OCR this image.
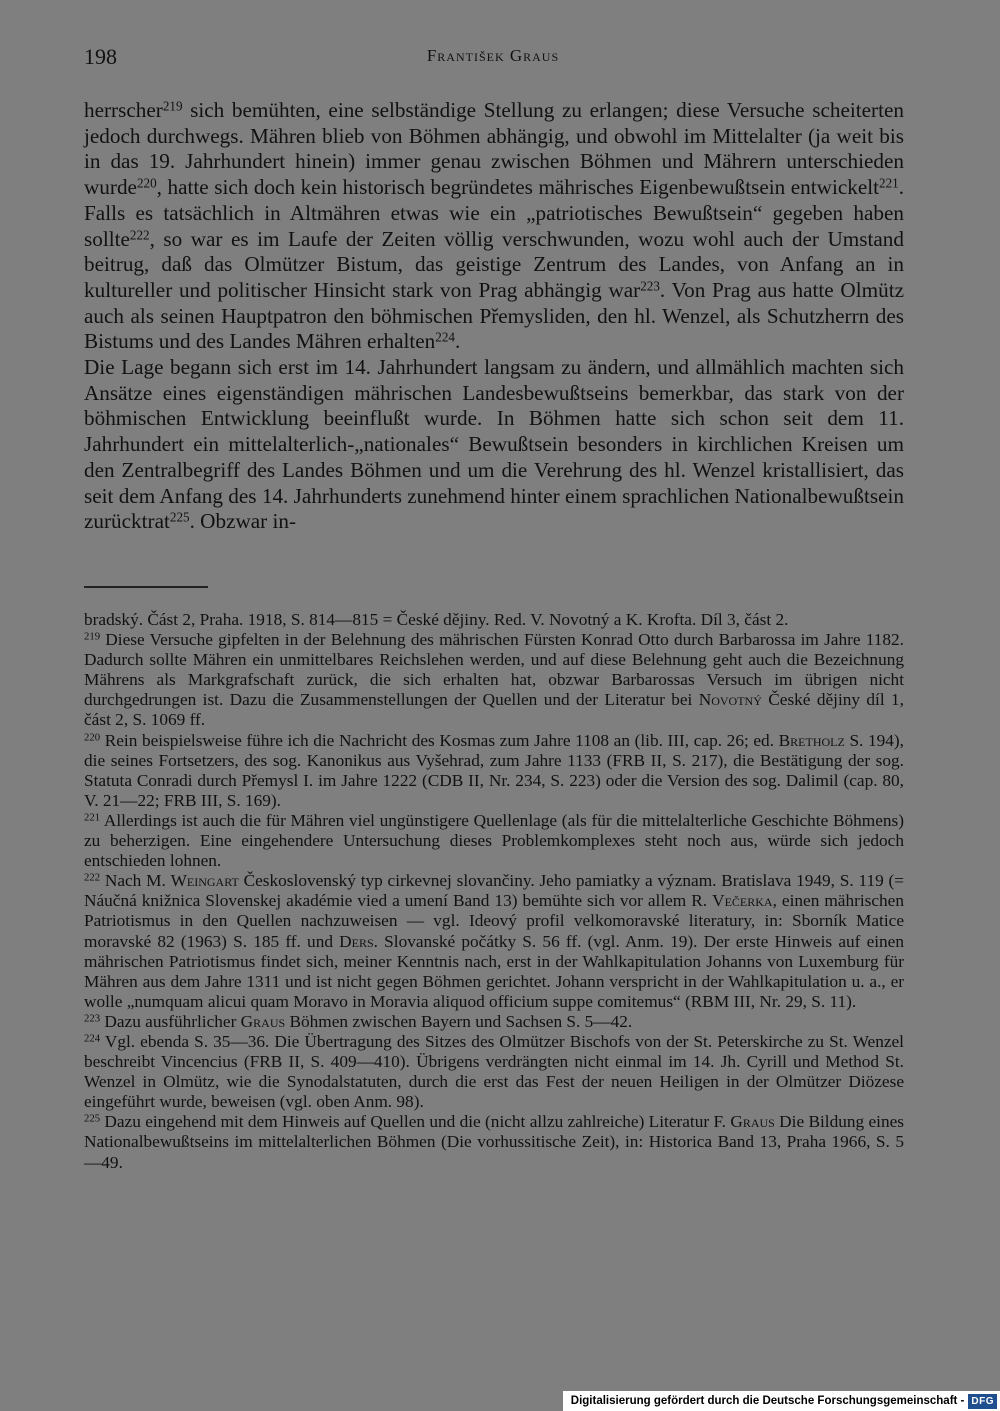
198	František Graus

herrscher$^{219}$ sich bemühten, eine selbständige Stellung zu erlangen; diese Versuche scheiterten jedoch durchwegs. Mähren blieb von Böhmen abhängig, und obwohl im Mittelalter (ja weit bis in das 19. Jahrhundert hinein) immer genau zwischen Böhmen und Mährern unterschieden wurde$^{220}$, hatte sich doch kein historisch begründetes mährisches Eigenbewußtsein entwickelt$^{221}$. Falls es tatsächlich in Altmähren etwas wie ein „patriotisches Bewußtsein“ gegeben haben sollte$^{222}$, so war es im Laufe der Zeiten völlig verschwunden, wozu wohl auch der Umstand beitrug, daß das Olmützer Bistum, das geistige Zentrum des Landes, von Anfang an in kultureller und politischer Hinsicht stark von Prag abhängig war$^{223}$. Von Prag aus hatte Olmütz auch als seinen Hauptpatron den böhmischen Přemysliden, den hl. Wenzel, als Schutzherrn des Bistums und des Landes Mähren erhalten$^{224}$.

Die Lage begann sich erst im 14. Jahrhundert langsam zu ändern, und allmählich machten sich Ansätze eines eigenständigen mährischen Landesbewußtseins bemerkbar, das stark von der böhmischen Entwicklung beeinflußt wurde. In Böhmen hatte sich schon seit dem 11. Jahrhundert ein mittelalterlich-„nationales“ Bewußtsein besonders in kirchlichen Kreisen um den Zentralbegriff des Landes Böhmen und um die Verehrung des hl. Wenzel kristallisiert, das seit dem Anfang des 14. Jahrhunderts zunehmend hinter einem sprachlichen Nationalbewußtsein zurücktrat$^{225}$. Obzwar in-

bradský. Část 2, Praha. 1918, S. 814—815 = České dějiny. Red. V. Novotný a K. Krofta. Díl 3, část 2.

$^{219}$ Diese Versuche gipfelten in der Belehnung des mährischen Fürsten Konrad Otto durch Barbarossa im Jahre 1182. Dadurch sollte Mähren ein unmittelbares Reichslehen werden, und auf diese Belehnung geht auch die Bezeichnung Mährens als Markgrafschaft zurück, die sich erhalten hat, obzwar Barbarossas Versuch im übrigen nicht durchgedrungen ist. Dazu die Zusammenstellungen der Quellen und der Literatur bei Novotný České dějiny díl 1, část 2, S. 1069 ff.

$^{220}$ Rein beispielsweise führe ich die Nachricht des Kosmas zum Jahre 1108 an (lib. III, cap. 26; ed. Bretholz S. 194), die seines Fortsetzers, des sog. Kanonikus aus Vyšehrad, zum Jahre 1133 (FRB II, S. 217), die Bestätigung der sog. Statuta Conradi durch Přemysl I. im Jahre 1222 (CDB II, Nr. 234, S. 223) oder die Version des sog. Dalimil (cap. 80, V. 21—22; FRB III, S. 169).

$^{221}$ Allerdings ist auch die für Mähren viel ungünstigere Quellenlage (als für die mittelalterliche Geschichte Böhmens) zu beherzigen. Eine eingehendere Untersuchung dieses Problemkomplexes steht noch aus, würde sich jedoch entschieden lohnen.

$^{222}$ Nach M. Weingart Československý typ cirkevnej slovančiny. Jeho pamiatky a význam. Bratislava 1949, S. 119 (= Náučná knižnica Slovenskej akadémie vied a umení Band 13) bemühte sich vor allem R. Večerka, einen mährischen Patriotismus in den Quellen nachzuweisen — vgl. Ideový profil velkomoravské literatury, in: Sborník Matice moravské 82 (1963) S. 185 ff. und Ders. Slovanské počátky S. 56 ff. (vgl. Anm. 19). Der erste Hinweis auf einen mährischen Patriotismus findet sich, meiner Kenntnis nach, erst in der Wahlkapitulation Johanns von Luxemburg für Mähren aus dem Jahre 1311 und ist nicht gegen Böhmen gerichtet. Johann verspricht in der Wahlkapitulation u. a., er wolle „numquam alicui quam Moravo in Moravia aliquod officium suppe comitemus“ (RBM III, Nr. 29, S. 11).

$^{223}$ Dazu ausführlicher Graus Böhmen zwischen Bayern und Sachsen S. 5—42.

$^{224}$ Vgl. ebenda S. 35—36. Die Übertragung des Sitzes des Olmützer Bischofs von der St. Peterskirche zu St. Wenzel beschreibt Vincencius (FRB II, S. 409—410). Übrigens verdrängten nicht einmal im 14. Jh. Cyrill und Method St. Wenzel in Olmütz, wie die Synodalstatuten, durch die erst das Fest der neuen Heiligen in der Olmützer Diözese eingeführt wurde, beweisen (vgl. oben Anm. 98).

$^{225}$ Dazu eingehend mit dem Hinweis auf Quellen und die (nicht allzu zahlreiche) Literatur F. Graus Die Bildung eines Nationalbewußtseins im mittelalterlichen Böhmen (Die vorhussitische Zeit), in: Historica Band 13, Praha 1966, S. 5—49.

Digitalisierung gefördert durch die Deutsche Forschungsgemeinschaft - DFG
